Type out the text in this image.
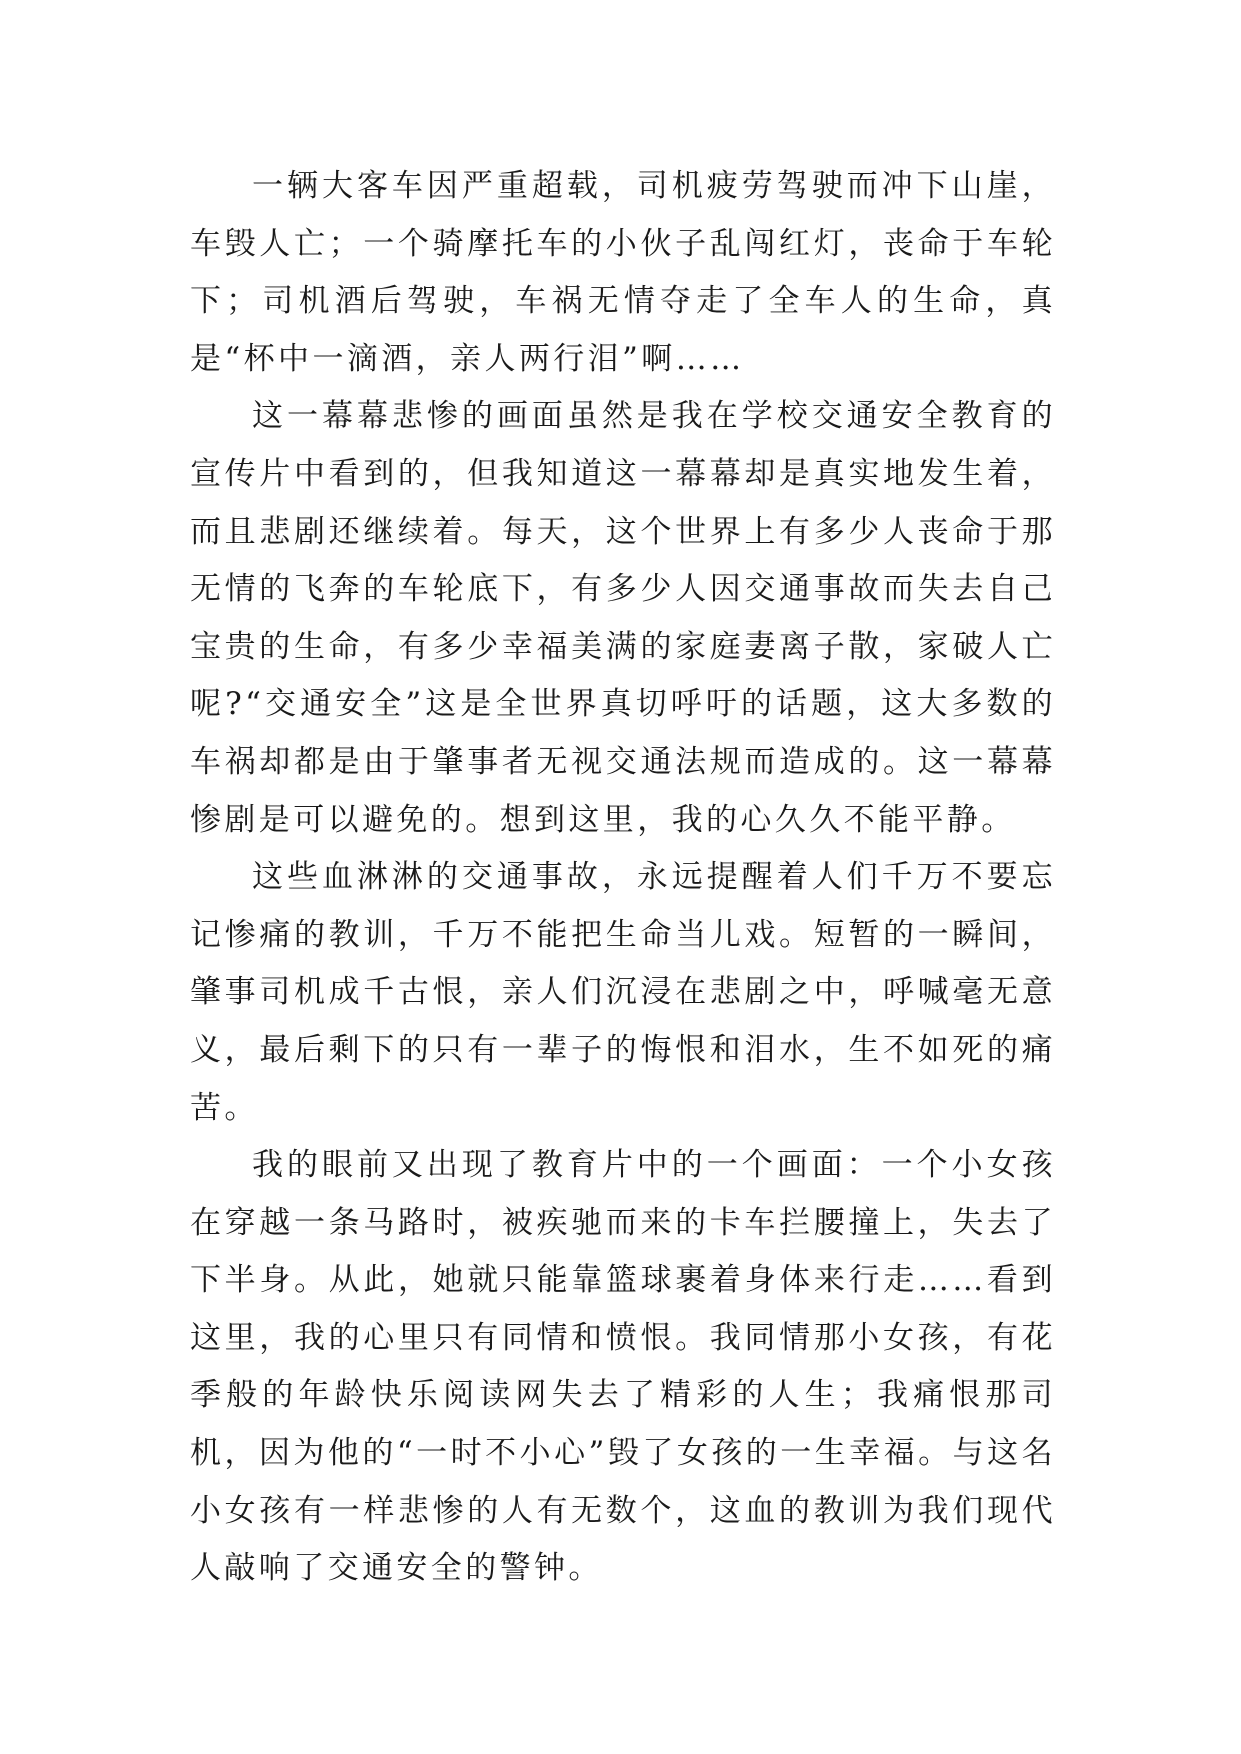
一辆大客车因严重超载，司机疲劳驾驶而冲下山崖，车毁人亡；一个骑摩托车的小伙子乱闯红灯，丧命于车轮下；司机酒后驾驶，车祸无情夺走了全车人的生命，真是“杯中一滴酒，亲人两行泪”啊……

这一幕幕悲惨的画面虽然是我在学校交通安全教育的宣传片中看到的，但我知道这一幕幕却是真实地发生着，而且悲剧还继续着。每天，这个世界上有多少人丧命于那无情的飞奔的车轮底下，有多少人因交通事故而失去自己宝贵的生命，有多少幸福美满的家庭妻离子散，家破人亡呢?“交通安全”这是全世界真切呼吁的话题，这大多数的车祸却都是由于肇事者无视交通法规而造成的。这一幕幕惨剧是可以避免的。想到这里，我的心久久不能平静。

这些血淋淋的交通事故，永远提醒着人们千万不要忘记惨痛的教训，千万不能把生命当儿戏。短暂的一瞬间，肇事司机成千古恨，亲人们沉浸在悲剧之中，呼喊毫无意义，最后剩下的只有一辈子的悔恨和泪水，生不如死的痛苦。

我的眼前又出现了教育片中的一个画面：一个小女孩在穿越一条马路时，被疾驰而来的卡车拦腰撞上，失去了下半身。从此，她就只能靠篮球裹着身体来行走……看到这里，我的心里只有同情和愤恨。我同情那小女孩，有花季般的年龄快乐阅读网失去了精彩的人生；我痛恨那司机，因为他的“一时不小心”毁了女孩的一生幸福。与这名小女孩有一样悲惨的人有无数个，这血的教训为我们现代人敲响了交通安全的警钟。
